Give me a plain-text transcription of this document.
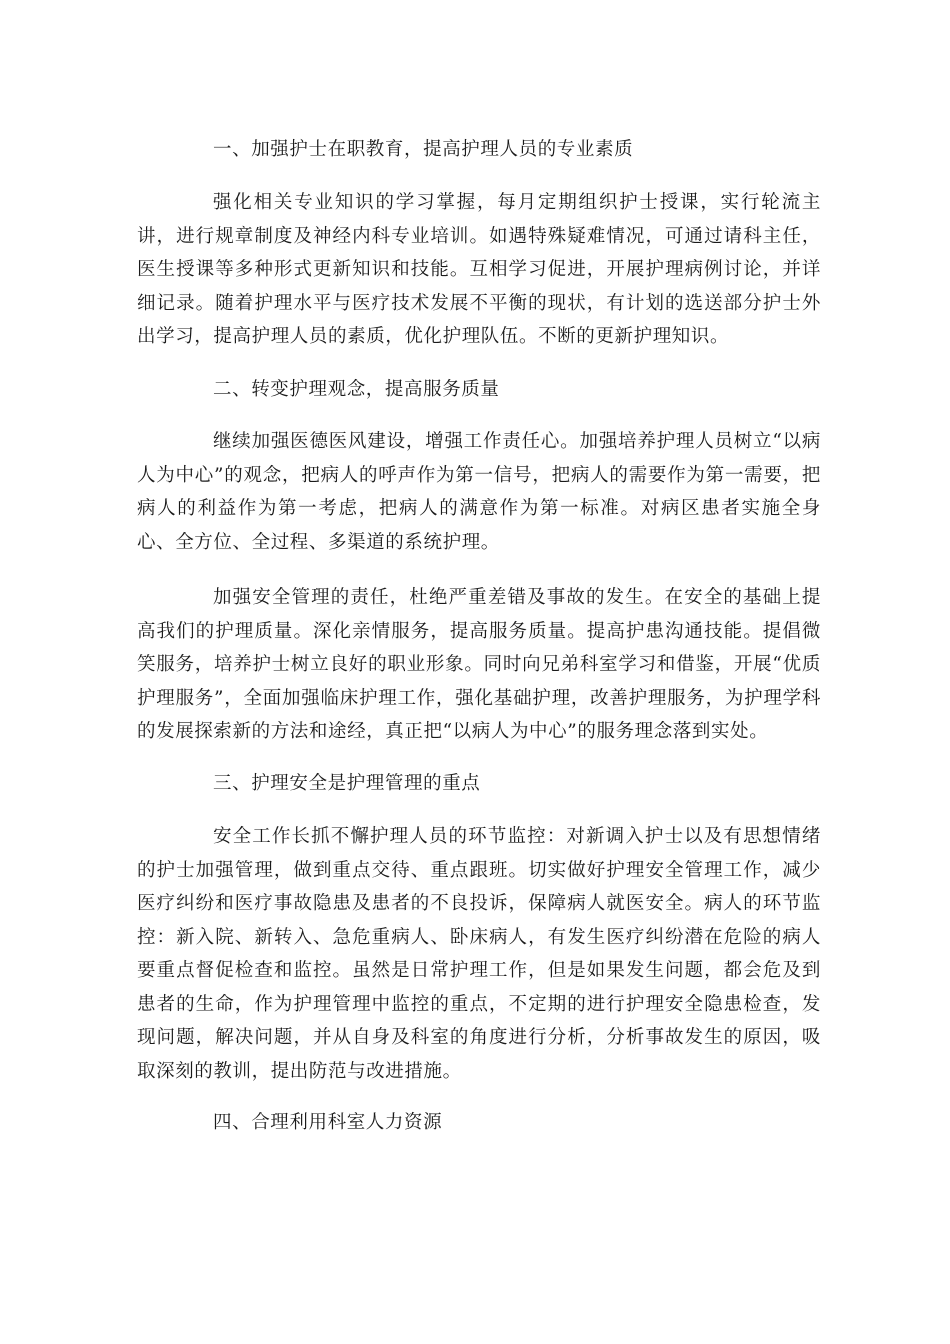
一、加强护士在职教育，提高护理人员的专业素质
强化相关专业知识的学习掌握，每月定期组织护士授课，实行轮流主讲，进行规章制度及神经内科专业培训。如遇特殊疑难情况，可通过请科主任，医生授课等多种形式更新知识和技能。互相学习促进，开展护理病例讨论，并详细记录。随着护理水平与医疗技术发展不平衡的现状，有计划的选送部分护士外出学习，提高护理人员的素质，优化护理队伍。不断的更新护理知识。
二、转变护理观念，提高服务质量
继续加强医德医风建设，增强工作责任心。加强培养护理人员树立“以病人为中心”的观念，把病人的呼声作为第一信号，把病人的需要作为第一需要，把病人的利益作为第一考虑，把病人的满意作为第一标准。对病区患者实施全身心、全方位、全过程、多渠道的系统护理。
加强安全管理的责任，杜绝严重差错及事故的发生。在安全的基础上提高我们的护理质量。深化亲情服务，提高服务质量。提高护患沟通技能。提倡微笑服务，培养护士树立良好的职业形象。同时向兄弟科室学习和借鉴，开展“优质护理服务”，全面加强临床护理工作，强化基础护理，改善护理服务，为护理学科的发展探索新的方法和途经，真正把“以病人为中心”的服务理念落到实处。
三、护理安全是护理管理的重点
安全工作长抓不懈护理人员的环节监控：对新调入护士以及有思想情绪的护士加强管理，做到重点交待、重点跟班。切实做好护理安全管理工作，减少医疗纠纷和医疗事故隐患及患者的不良投诉，保障病人就医安全。病人的环节监控：新入院、新转入、急危重病人、卧床病人，有发生医疗纠纷潜在危险的病人要重点督促检查和监控。虽然是日常护理工作，但是如果发生问题，都会危及到患者的生命，作为护理管理中监控的重点，不定期的进行护理安全隐患检查，发现问题，解决问题，并从自身及科室的角度进行分析，分析事故发生的原因，吸取深刻的教训，提出防范与改进措施。
四、合理利用科室人力资源
